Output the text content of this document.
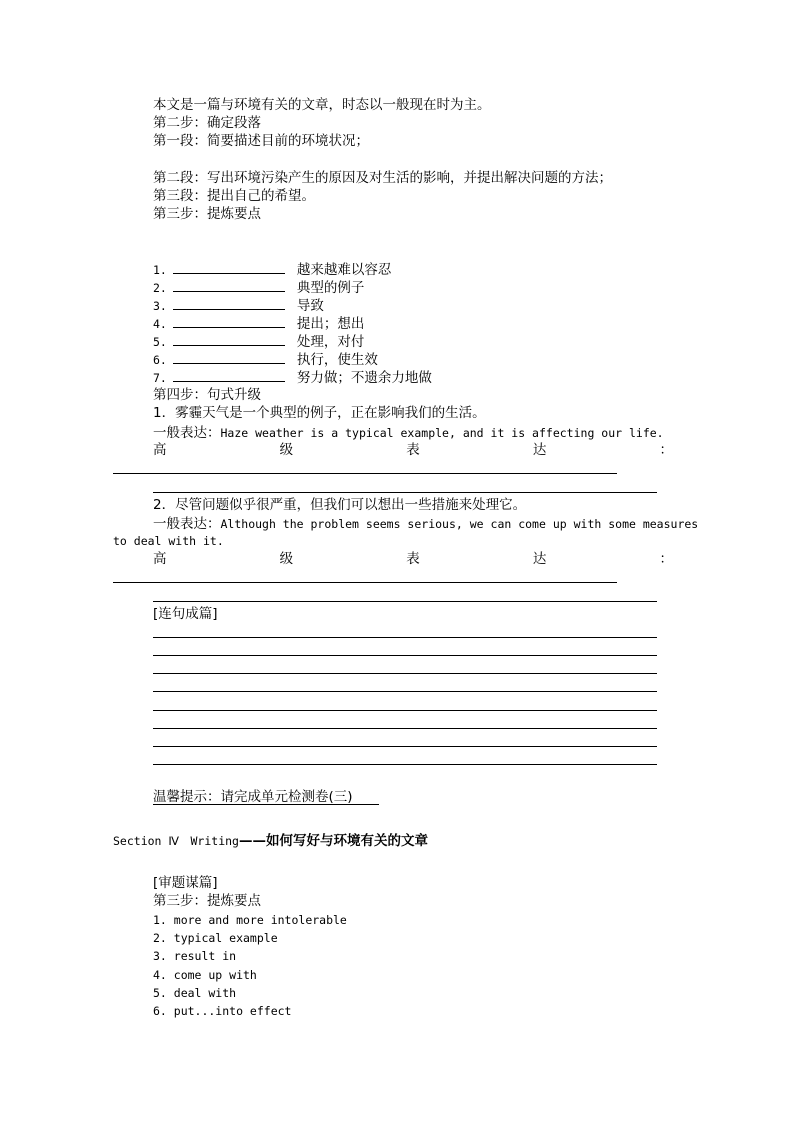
本文是一篇与环境有关的文章，时态以一般现在时为主。
第二步：确定段落
第一段：简要描述目前的环境状况；
第二段：写出环境污染产生的原因及对生活的影响，并提出解决问题的方法；
第三段：提出自己的希望。
第三步：提炼要点
1.	越来越难以容忍
2.	典型的例子
3.	导致
4.	提出；想出
5.	处理，对付
6.	执行，使生效
7.	努力做；不遗余力地做
第四步：句式升级
1．雾霾天气是一个典型的例子，正在影响我们的生活。
一般表达：Haze weather is a typical example, and it is affecting our life.
高	级	表	达	：
2．尽管问题似乎很严重，但我们可以想出一些措施来处理它。
一般表达：Although the problem seems serious, we can come up with some measures
to deal with it.
高	级	表	达	：
[连句成篇]
温馨提示：请完成单元检测卷(三)
Section Ⅳ　Writing——如何写好与环境有关的文章
[审题谋篇]
第三步：提炼要点
1. more and more intolerable
2. typical example
3. result in
4. come up with
5. deal with
6. put...into effect
